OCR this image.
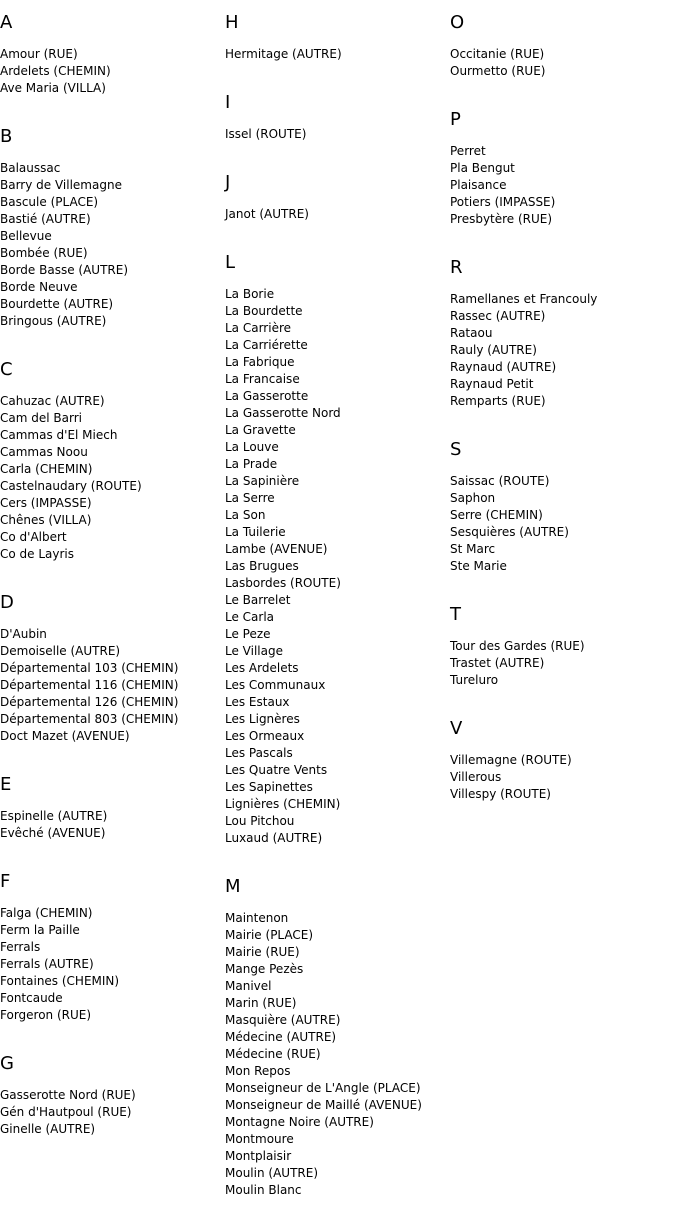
A
Amour (RUE)
Ardelets (CHEMIN)
Ave Maria (VILLA)
B
Balaussac
Barry de Villemagne
Bascule (PLACE)
Bastié (AUTRE)
Bellevue
Bombée (RUE)
Borde Basse (AUTRE)
Borde Neuve
Bourdette (AUTRE)
Bringous (AUTRE)
C
Cahuzac (AUTRE)
Cam del Barri
Cammas d'El Miech
Cammas Noou
Carla (CHEMIN)
Castelnaudary (ROUTE)
Cers (IMPASSE)
Chênes (VILLA)
Co d'Albert
Co de Layris
D
D'Aubin
Demoiselle (AUTRE)
Départemental 103 (CHEMIN)
Départemental 116 (CHEMIN)
Départemental 126 (CHEMIN)
Départemental 803 (CHEMIN)
Doct Mazet (AVENUE)
E
Espinelle (AUTRE)
Evêché (AVENUE)
F
Falga (CHEMIN)
Ferm la Paille
Ferrals
Ferrals (AUTRE)
Fontaines (CHEMIN)
Fontcaude
Forgeron (RUE)
G
Gasserotte Nord (RUE)
Gén d'Hautpoul (RUE)
Ginelle (AUTRE)
H
Hermitage (AUTRE)
I
Issel (ROUTE)
J
Janot (AUTRE)
L
La Borie
La Bourdette
La Carrière
La Carriérette
La Fabrique
La Francaise
La Gasserotte
La Gasserotte Nord
La Gravette
La Louve
La Prade
La Sapinière
La Serre
La Son
La Tuilerie
Lambe (AVENUE)
Las Brugues
Lasbordes (ROUTE)
Le Barrelet
Le Carla
Le Peze
Le Village
Les Ardelets
Les Communaux
Les Estaux
Les Lignères
Les Ormeaux
Les Pascals
Les Quatre Vents
Les Sapinettes
Lignières (CHEMIN)
Lou Pitchou
Luxaud (AUTRE)
M
Maintenon
Mairie (PLACE)
Mairie (RUE)
Mange Pezès
Manivel
Marin (RUE)
Masquière (AUTRE)
Médecine (AUTRE)
Médecine (RUE)
Mon Repos
Monseigneur de L'Angle (PLACE)
Monseigneur de Maillé (AVENUE)
Montagne Noire (AUTRE)
Montmoure
Montplaisir
Moulin (AUTRE)
Moulin Blanc
O
Occitanie (RUE)
Ourmetto (RUE)
P
Perret
Pla Bengut
Plaisance
Potiers (IMPASSE)
Presbytère (RUE)
R
Ramellanes et Francouly
Rassec (AUTRE)
Rataou
Rauly (AUTRE)
Raynaud (AUTRE)
Raynaud Petit
Remparts (RUE)
S
Saissac (ROUTE)
Saphon
Serre (CHEMIN)
Sesquières (AUTRE)
St Marc
Ste Marie
T
Tour des Gardes (RUE)
Trastet (AUTRE)
Tureluro
V
Villemagne (ROUTE)
Villerous
Villespy (ROUTE)
